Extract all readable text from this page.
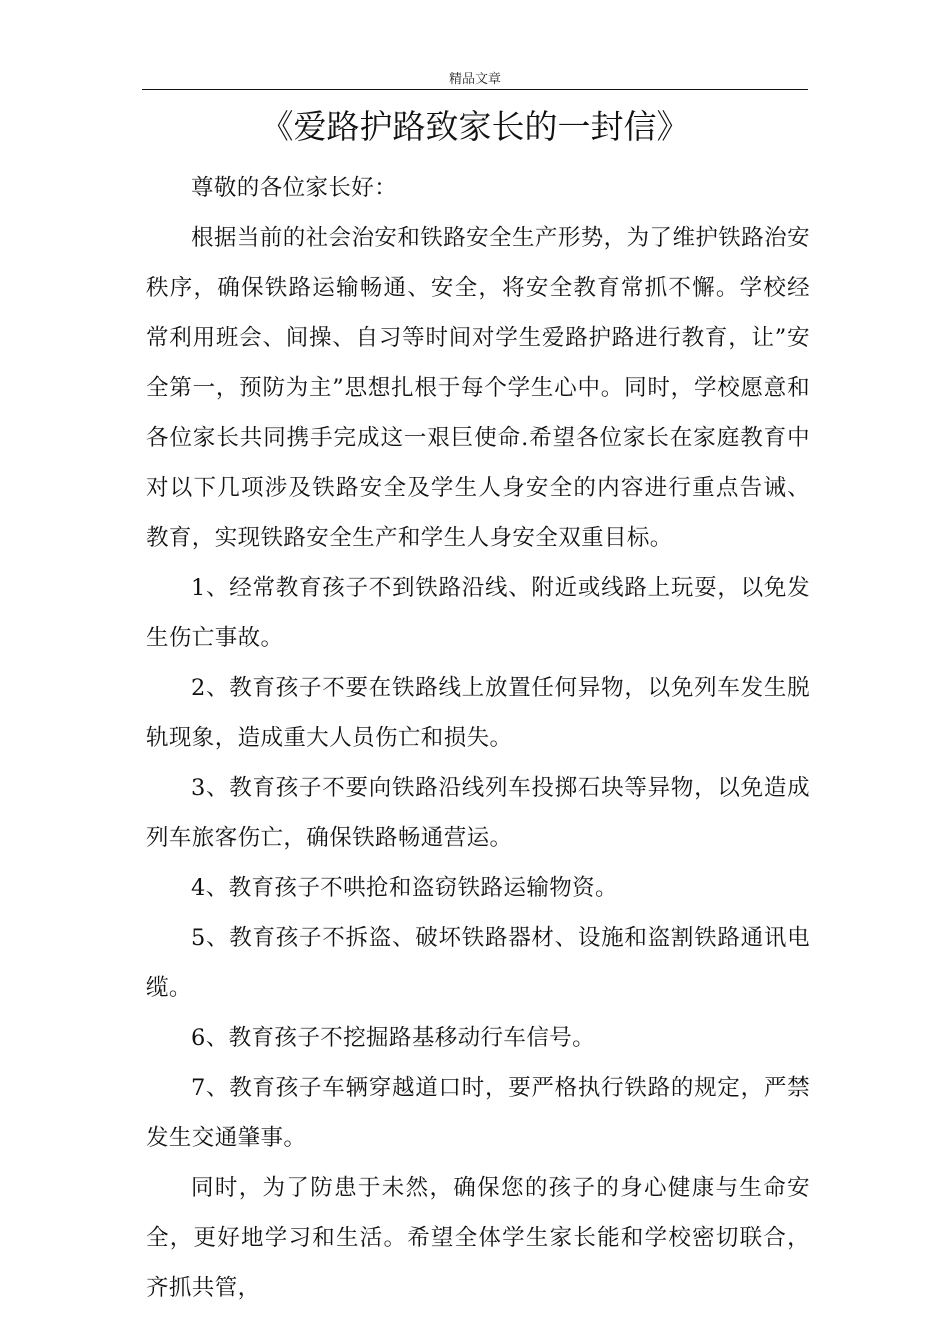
精品文章
《爱路护路致家长的一封信》

尊敬的各位家长好：

根据当前的社会治安和铁路安全生产形势，为了维护铁路治安秩序，确保铁路运输畅通、安全，将安全教育常抓不懈。学校经常利用班会、间操、自习等时间对学生爱路护路进行教育，让”安全第一，预防为主”思想扎根于每个学生心中。同时，学校愿意和各位家长共同携手完成这一艰巨使命.希望各位家长在家庭教育中对以下几项涉及铁路安全及学生人身安全的内容进行重点告诫、教育，实现铁路安全生产和学生人身安全双重目标。

1、经常教育孩子不到铁路沿线、附近或线路上玩耍，以免发生伤亡事故。

2、教育孩子不要在铁路线上放置任何异物，以免列车发生脱轨现象，造成重大人员伤亡和损失。

3、教育孩子不要向铁路沿线列车投掷石块等异物，以免造成列车旅客伤亡，确保铁路畅通营运。

4、教育孩子不哄抢和盗窃铁路运输物资。

5、教育孩子不拆盗、破坏铁路器材、设施和盗割铁路通讯电缆。

6、教育孩子不挖掘路基移动行车信号。

7、教育孩子车辆穿越道口时，要严格执行铁路的规定，严禁发生交通肇事。

同时，为了防患于未然，确保您的孩子的身心健康与生命安全，更好地学习和生活。希望全体学生家长能和学校密切联合，齐抓共管，
